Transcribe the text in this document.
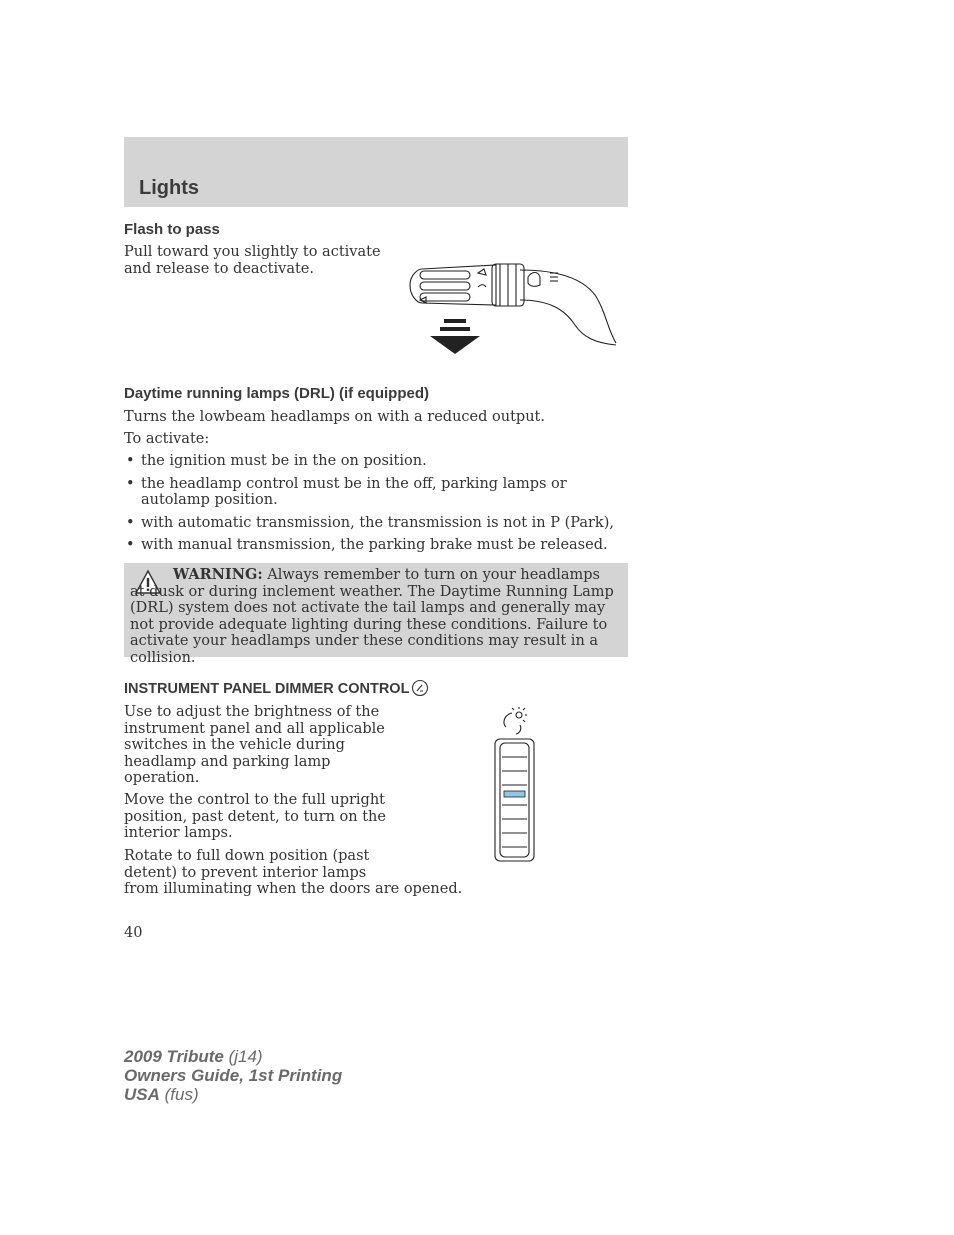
Lights
Flash to pass
Pull toward you slightly to activate
and release to deactivate.
Daytime running lamps (DRL) (if equipped)
Turns the lowbeam headlamps on with a reduced output.
To activate:
• the ignition must be in the on position.
• the headlamp control must be in the off, parking lamps or autolamp position.
• with automatic transmission, the transmission is not in P (Park),
• with manual transmission, the parking brake must be released.
WARNING: Always remember to turn on your headlamps at dusk or during inclement weather. The Daytime Running Lamp (DRL) system does not activate the tail lamps and generally may not provide adequate lighting during these conditions. Failure to activate your headlamps under these conditions may result in a collision.
INSTRUMENT PANEL DIMMER CONTROL
Use to adjust the brightness of the
instrument panel and all applicable
switches in the vehicle during
headlamp and parking lamp
operation.
Move the control to the full upright
position, past detent, to turn on the
interior lamps.
Rotate to full down position (past
detent) to prevent interior lamps
from illuminating when the doors are opened.
40
2009 Tribute (j14)
Owners Guide, 1st Printing
USA (fus)
